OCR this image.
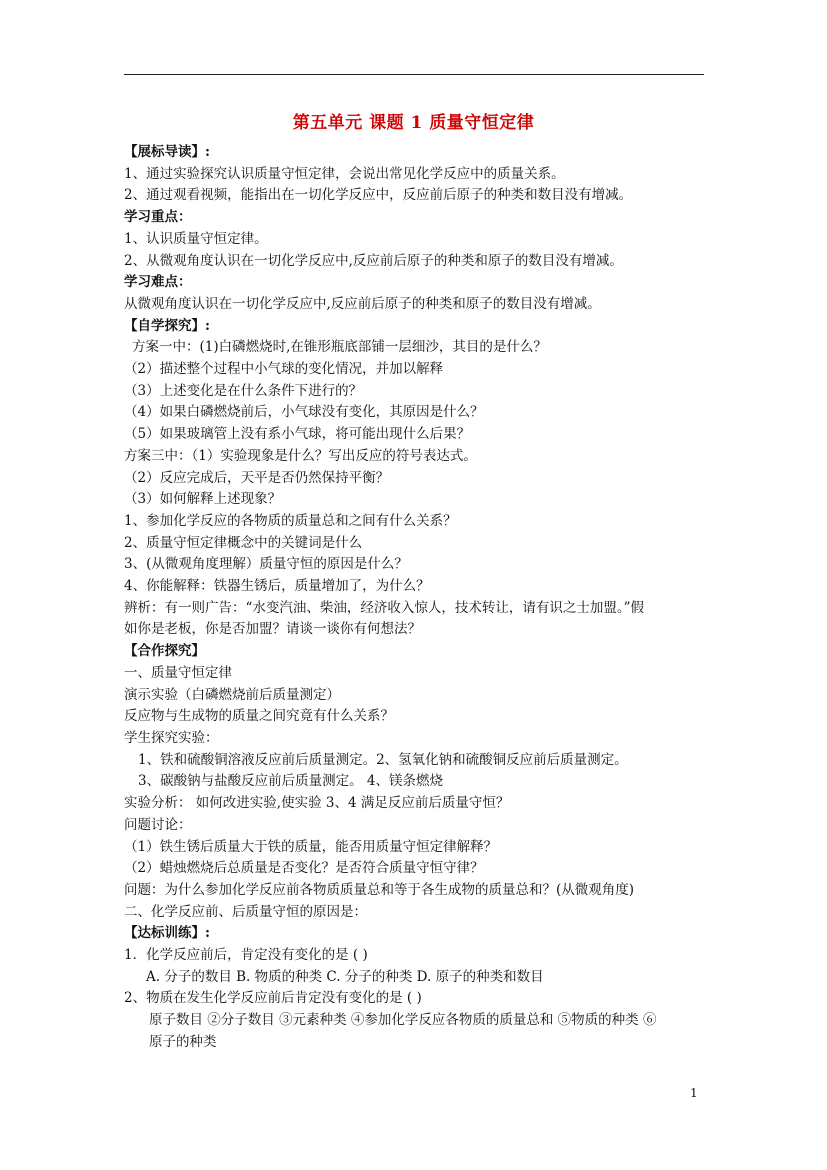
第五单元 课题 1 质量守恒定律
【展标导读】:
1、通过实验探究认识质量守恒定律，会说出常见化学反应中的质量关系。
2、通过观看视频，能指出在一切化学反应中，反应前后原子的种类和数目没有增减。
学习重点：
1、认识质量守恒定律。
2、从微观角度认识在一切化学反应中,反应前后原子的种类和原子的数目没有增减。
学习难点：
从微观角度认识在一切化学反应中,反应前后原子的种类和原子的数目没有增减。
【自学探究】:
方案一中：(1)白磷燃烧时,在锥形瓶底部铺一层细沙，其目的是什么？
（2）描述整个过程中小气球的变化情况，并加以解释
（3）上述变化是在什么条件下进行的？
（4）如果白磷燃烧前后，小气球没有变化，其原因是什么？
（5）如果玻璃管上没有系小气球，将可能出现什么后果？
方案三中：（1）实验现象是什么？写出反应的符号表达式。
（2）反应完成后，天平是否仍然保持平衡？
（3）如何解释上述现象？
1、参加化学反应的各物质的质量总和之间有什么关系？
2、质量守恒定律概念中的关键词是什么
3、(从微观角度理解）质量守恒的原因是什么？
4、你能解释：铁器生锈后，质量增加了，为什么？
辨析：有一则广告：“水变汽油、柴油，经济收入惊人，技术转让，请有识之士加盟。”假
如你是老板，你是否加盟？请谈一谈你有何想法？
【合作探究】
一、质量守恒定律
演示实验（白磷燃烧前后质量测定）
反应物与生成物的质量之间究竟有什么关系？
学生探究实验：
1、铁和硫酸铜溶液反应前后质量测定。2、氢氧化钠和硫酸铜反应前后质量测定。
3、碳酸钠与盐酸反应前后质量测定。 4、镁条燃烧
实验分析： 如何改进实验,使实验 3、4 满足反应前后质量守恒？
问题讨论：
（1）铁生锈后质量大于铁的质量，能否用质量守恒定律解释？
（2）蜡烛燃烧后总质量是否变化？是否符合质量守恒守律？
问题：为什么参加化学反应前各物质质量总和等于各生成物的质量总和？(从微观角度)
二、化学反应前、后质量守恒的原因是：
【达标训练】:
1．化学反应前后，肯定没有变化的是 ( )
A. 分子的数目 B. 物质的种类 C. 分子的种类 D. 原子的种类和数目
2、物质在发生化学反应前后肯定没有变化的是 ( )
原子数目 ②分子数目 ③元素种类 ④参加化学反应各物质的质量总和 ⑤物质的种类 ⑥
原子的种类
1
